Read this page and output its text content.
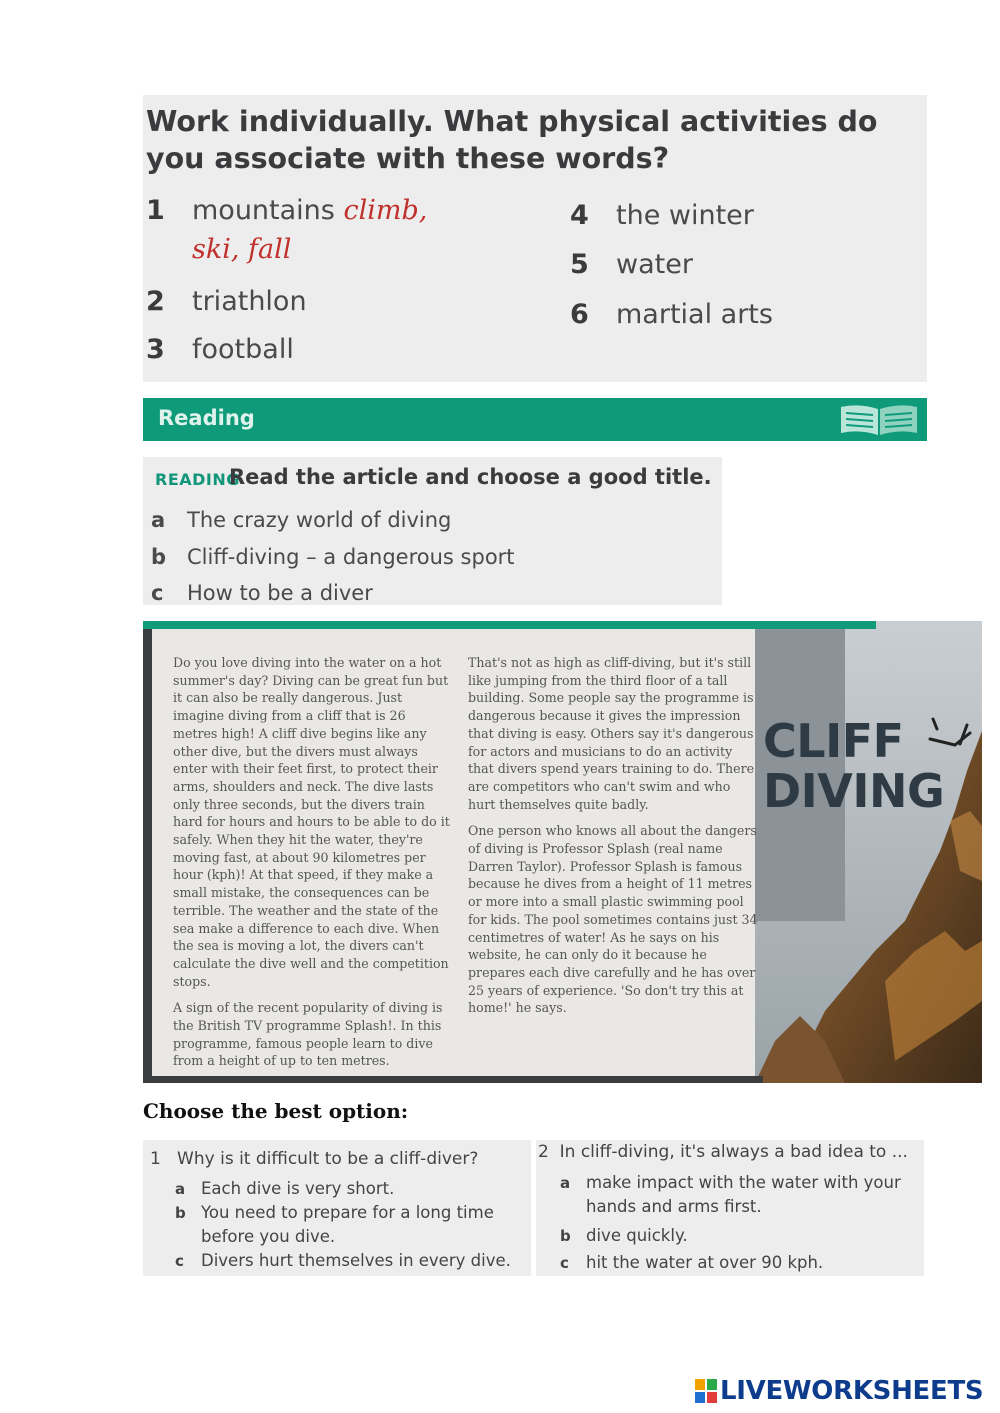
Work individually. What physical activities do you associate with these words?
1 mountains climb,
ski, fall
2 triathlon
3 football
4 the winter
5 water
6 martial arts
Reading
READING
Read the article and choose a good title.
a The crazy world of diving
b Cliff-diving – a dangerous sport
c How to be a diver

Do you love diving into the water on a hot summer's day? Diving can be great fun but it can also be really dangerous. Just imagine diving from a cliff that is 26 metres high! A cliff dive begins like any other dive, but the divers must always enter with their feet first, to protect their arms, shoulders and neck. The dive lasts only three seconds, but the divers train hard for hours and hours to be able to do it safely. When they hit the water, they're moving fast, at about 90 kilometres per hour (kph)! At that speed, if they make a small mistake, the consequences can be terrible. The weather and the state of the sea make a difference to each dive. When the sea is moving a lot, the divers can't calculate the dive well and the competition stops.

A sign of the recent popularity of diving is the British TV programme Splash!. In this programme, famous people learn to dive from a height of up to ten metres.

That's not as high as cliff-diving, but it's still like jumping from the third floor of a tall building. Some people say the programme is dangerous because it gives the impression that diving is easy. Others say it's dangerous for actors and musicians to do an activity that divers spend years training to do. There are competitors who can't swim and who hurt themselves quite badly.

One person who knows all about the dangers of diving is Professor Splash (real name Darren Taylor). Professor Splash is famous because he dives from a height of 11 metres or more into a small plastic swimming pool for kids. The pool sometimes contains just 34 centimetres of water! As he says on his website, he can only do it because he prepares each dive carefully and he has over 25 years of experience. 'So don't try this at home!' he says.

CLIFF
DIVING
Choose the best option:
1 Why is it difficult to be a cliff-diver?
a Each dive is very short.
b You need to prepare for a long time before you dive.
c	Divers hurt themselves in every dive.
2 In cliff-diving, it's always a bad idea to ...
a make impact with the water with your hands and arms first.
b dive quickly.
c	hit the water at over 90 kph.
LIVEWORKSHEETS
